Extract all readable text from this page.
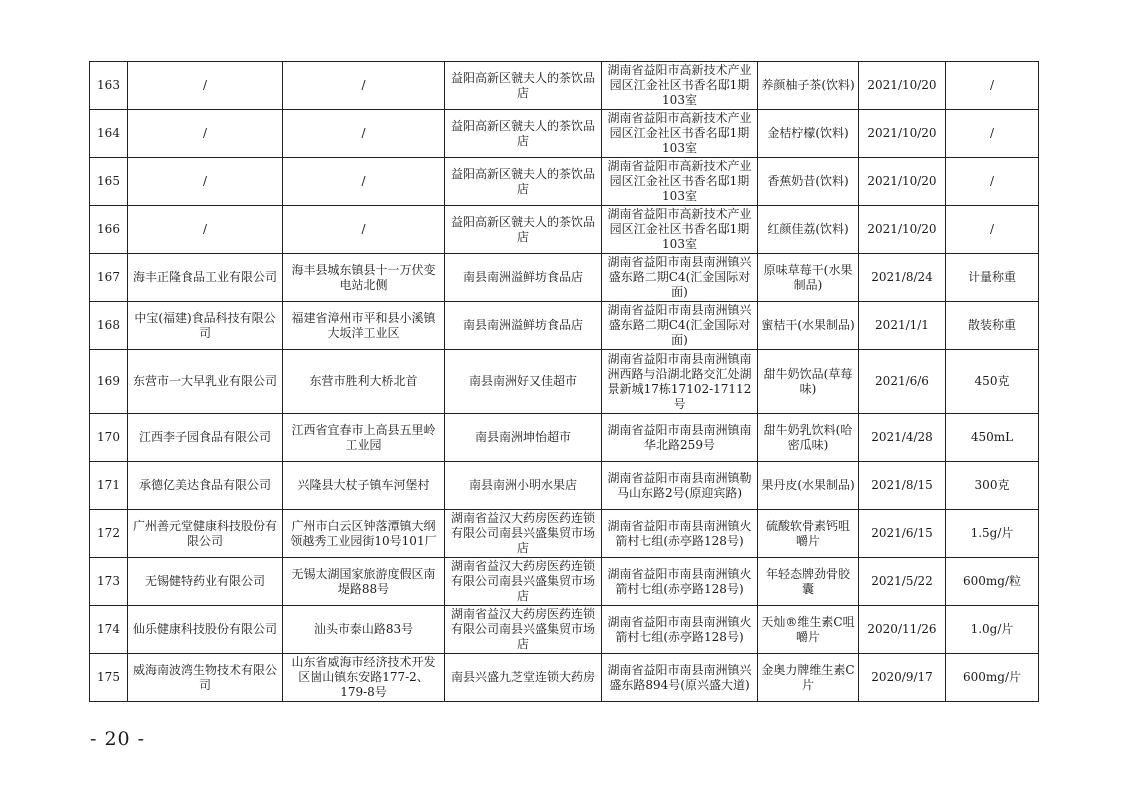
163	/	/	益阳高新区虢夫人的茶饮品店	湖南省益阳市高新技术产业园区江金社区书香名邸1期103室	养颜柚子茶(饮料)	2021/10/20	/
164	/	/	益阳高新区虢夫人的茶饮品店	湖南省益阳市高新技术产业园区江金社区书香名邸1期103室	金桔柠檬(饮料)	2021/10/20	/
165	/	/	益阳高新区虢夫人的茶饮品店	湖南省益阳市高新技术产业园区江金社区书香名邸1期103室	香蕉奶昔(饮料)	2021/10/20	/
166	/	/	益阳高新区虢夫人的茶饮品店	湖南省益阳市高新技术产业园区江金社区书香名邸1期103室	红颜佳荔(饮料)	2021/10/20	/
167	海丰正隆食品工业有限公司	海丰县城东镇县十一万伏变电站北侧	南县南洲溢鲜坊食品店	湖南省益阳市南县南洲镇兴盛东路二期C4(汇金国际对面)	原味草莓干(水果制品)	2021/8/24	计量称重
168	中宝(福建)食品科技有限公司	福建省漳州市平和县小溪镇大坂洋工业区	南县南洲溢鲜坊食品店	湖南省益阳市南县南洲镇兴盛东路二期C4(汇金国际对面)	蜜桔干(水果制品)	2021/1/1	散装称重
169	东营市一大早乳业有限公司	东营市胜利大桥北首	南县南洲好又佳超市	湖南省益阳市南县南洲镇南洲西路与沿湖北路交汇处湖景新城17栋17102-17112号	甜牛奶饮品(草莓味)	2021/6/6	450克
170	江西李子园食品有限公司	江西省宜春市上高县五里岭工业园	南县南洲坤怡超市	湖南省益阳市南县南洲镇南华北路259号	甜牛奶乳饮料(哈密瓜味)	2021/4/28	450mL
171	承德亿美达食品有限公司	兴隆县大杖子镇车河堡村	南县南洲小明水果店	湖南省益阳市南县南洲镇勒马山东路2号(原迎宾路)	果丹皮(水果制品)	2021/8/15	300克
172	广州善元堂健康科技股份有限公司	广州市白云区钟落潭镇大纲领越秀工业园街10号101厂	湖南省益汉大药房医药连锁有限公司南县兴盛集贸市场店	湖南省益阳市南县南洲镇火箭村七组(赤亭路128号)	硫酸软骨素钙咀嚼片	2021/6/15	1.5g/片
173	无锡健特药业有限公司	无锡太湖国家旅游度假区南堤路88号	湖南省益汉大药房医药连锁有限公司南县兴盛集贸市场店	湖南省益阳市南县南洲镇火箭村七组(赤亭路128号)	年轻态牌劲骨胶囊	2021/5/22	600mg/粒
174	仙乐健康科技股份有限公司	汕头市泰山路83号	湖南省益汉大药房医药连锁有限公司南县兴盛集贸市场店	湖南省益阳市南县南洲镇火箭村七组(赤亭路128号)	天灿®维生素C咀嚼片	2020/11/26	1.0g/片
175	威海南波湾生物技术有限公司	山东省威海市经济技术开发区崮山镇东安路177-2、179-8号	南县兴盛九芝堂连锁大药房	湖南省益阳市南县南洲镇兴盛东路894号(原兴盛大道)	金奥力牌维生素C片	2020/9/17	600mg/片
- 20 -
